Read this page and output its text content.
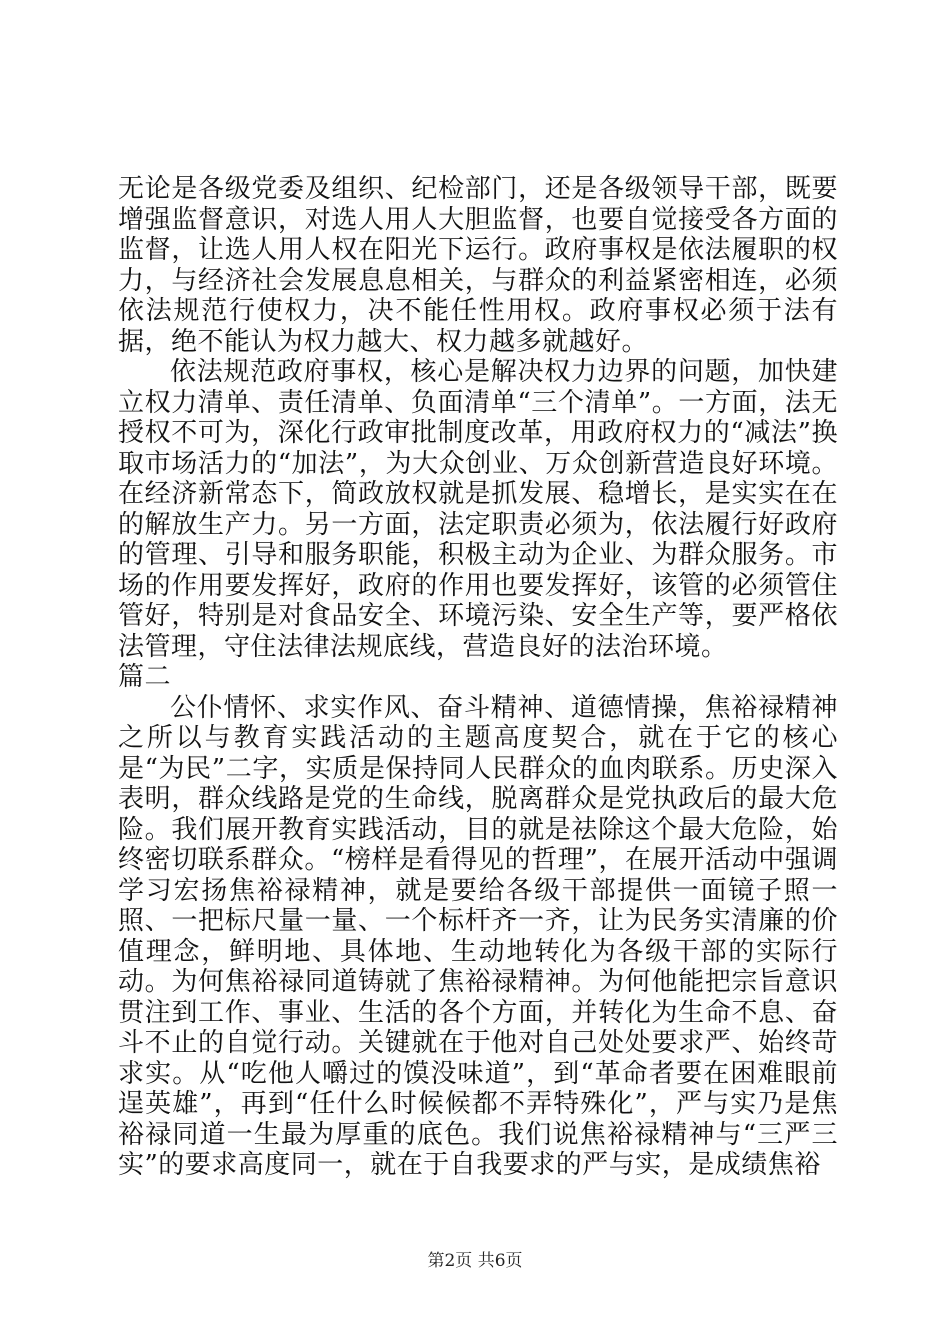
无论是各级党委及组织、纪检部门，还是各级领导干部，既要增强监督意识，对选人用人大胆监督，也要自觉接受各方面的监督，让选人用人权在阳光下运行。政府事权是依法履职的权力，与经济社会发展息息相关，与群众的利益紧密相连，必须依法规范行使权力，决不能任性用权。政府事权必须于法有据，绝不能认为权力越大、权力越多就越好。

依法规范政府事权，核心是解决权力边界的问题，加快建立权力清单、责任清单、负面清单“三个清单”。一方面，法无授权不可为，深化行政审批制度改革，用政府权力的“减法”换取市场活力的“加法”，为大众创业、万众创新营造良好环境。在经济新常态下，简政放权就是抓发展、稳增长，是实实在在的解放生产力。另一方面，法定职责必须为，依法履行好政府的管理、引导和服务职能，积极主动为企业、为群众服务。市场的作用要发挥好，政府的作用也要发挥好，该管的必须管住管好，特别是对食品安全、环境污染、安全生产等，要严格依法管理，守住法律法规底线，营造良好的法治环境。

篇二

公仆情怀、求实作风、奋斗精神、道德情操，焦裕禄精神之所以与教育实践活动的主题高度契合，就在于它的核心是“为民”二字，实质是保持同人民群众的血肉联系。历史深入表明，群众线路是党的生命线，脱离群众是党执政后的最大危险。我们展开教育实践活动，目的就是祛除这个最大危险，始终密切联系群众。“榜样是看得见的哲理”，在展开活动中强调学习宏扬焦裕禄精神，就是要给各级干部提供一面镜子照一照、一把标尺量一量、一个标杆齐一齐，让为民务实清廉的价值理念，鲜明地、具体地、生动地转化为各级干部的实际行动。为何焦裕禄同道铸就了焦裕禄精神。为何他能把宗旨意识贯注到工作、事业、生活的各个方面，并转化为生命不息、奋斗不止的自觉行动。关键就在于他对自己处处要求严、始终苛求实。从“吃他人嚼过的馍没味道”，到“革命者要在困难眼前逞英雄”，再到“任什么时候候都不弄特殊化”，严与实乃是焦裕禄同道一生最为厚重的底色。我们说焦裕禄精神与“三严三实”的要求高度同一，就在于自我要求的严与实，是成绩焦裕

第2页 共6页
